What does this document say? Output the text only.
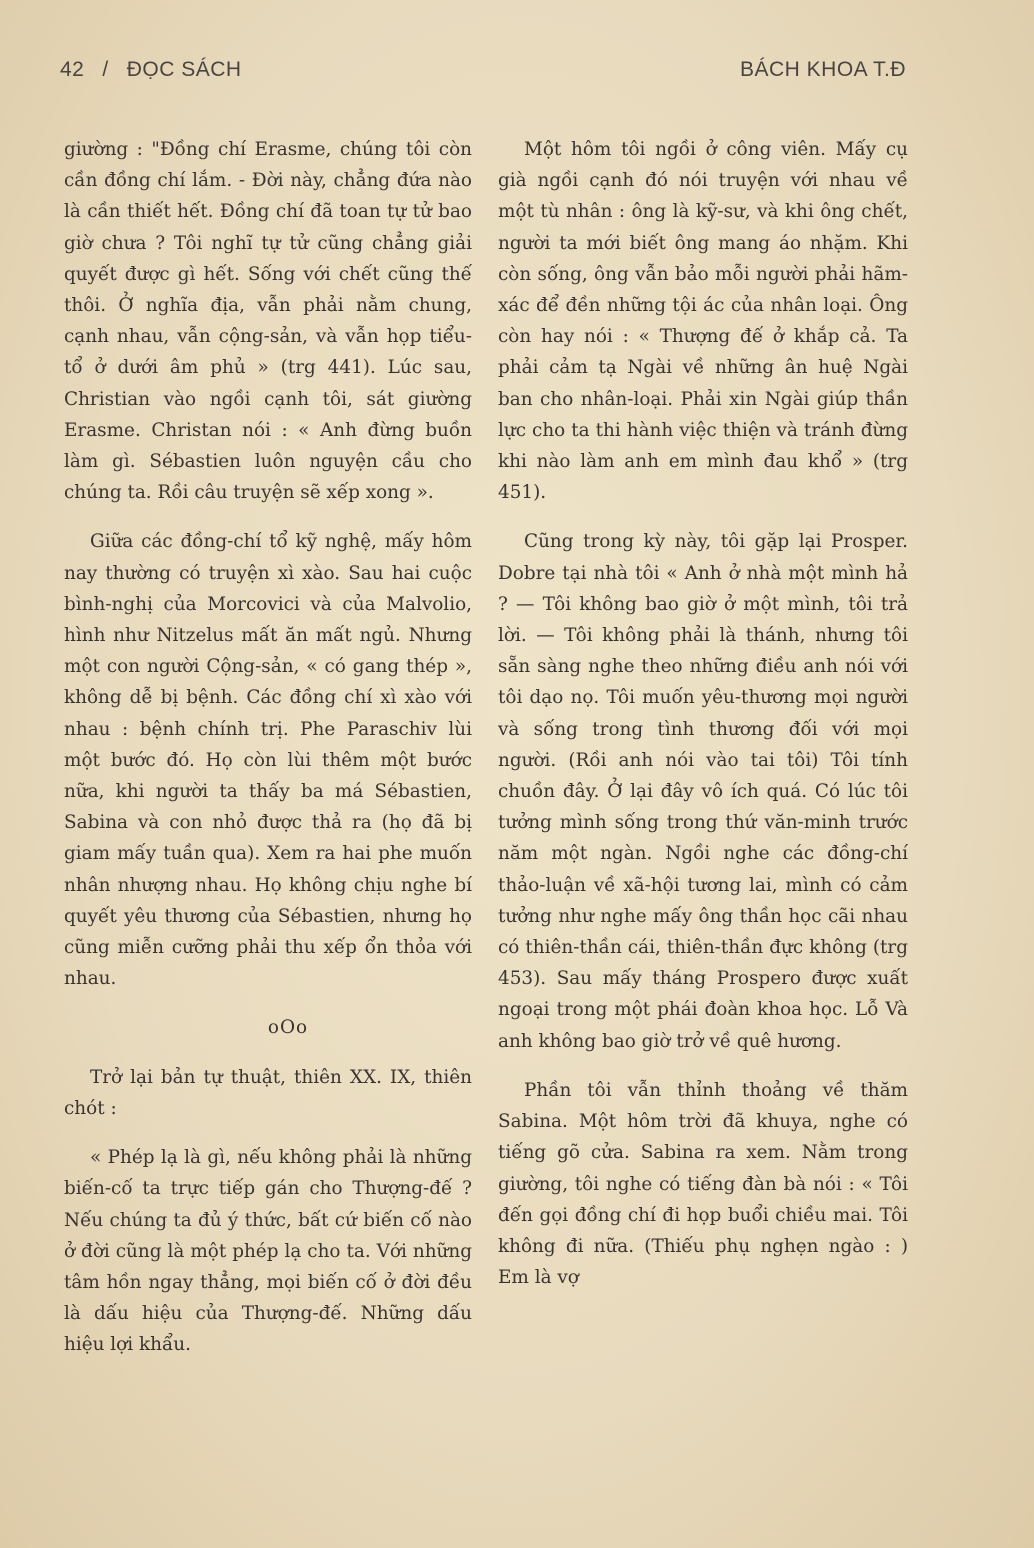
42 / ĐỌC SÁCH	BÁCH KHOA T.Đ

giường : "Đồng chí Erasme, chúng tôi còn cần đồng chí lắm. - Đời này, chẳng đứa nào là cần thiết hết. Đồng chí đã toan tự tử bao giờ chưa ? Tôi nghĩ tự tử cũng chẳng giải quyết được gì hết. Sống với chết cũng thế thôi. Ở nghĩa địa, vẫn phải nằm chung, cạnh nhau, vẫn cộng-sản, và vẫn họp tiểu-tổ ở dưới âm phủ » (trg 441). Lúc sau, Christian vào ngồi cạnh tôi, sát giường Erasme. Christan nói : « Anh đừng buồn làm gì. Sébastien luôn nguyện cầu cho chúng ta. Rồi câu truyện sẽ xếp xong ».

Giữa các đồng-chí tổ kỹ nghệ, mấy hôm nay thường có truyện xì xào. Sau hai cuộc bình-nghị của Morcovici và của Malvolio, hình như Nitzelus mất ăn mất ngủ. Nhưng một con người Cộng-sản, « có gang thép », không dễ bị bệnh. Các đồng chí xì xào với nhau : bệnh chính trị. Phe Paraschiv lùi một bước đó. Họ còn lùi thêm một bước nữa, khi người ta thấy ba má Sébastien, Sabina và con nhỏ được thả ra (họ đã bị giam mấy tuần qua). Xem ra hai phe muốn nhân nhượng nhau. Họ không chịu nghe bí quyết yêu thương của Sébastien, nhưng họ cũng miễn cưỡng phải thu xếp ổn thỏa với nhau.

oOo

Trở lại bản tự thuật, thiên XX. IX, thiên chót :

« Phép lạ là gì, nếu không phải là những biến-cố ta trực tiếp gán cho Thượng-đế ? Nếu chúng ta đủ ý thức, bất cứ biến cố nào ở đời cũng là một phép lạ cho ta. Với những tâm hồn ngay thẳng, mọi biến cố ở đời đều là dấu hiệu của Thượng-đế. Những dấu hiệu lợi khẩu.

Một hôm tôi ngồi ở công viên. Mấy cụ già ngồi cạnh đó nói truyện với nhau về một tù nhân : ông là kỹ-sư, và khi ông chết, người ta mới biết ông mang áo nhặm. Khi còn sống, ông vẫn bảo mỗi người phải hãm-xác để đền những tội ác của nhân loại. Ông còn hay nói : « Thượng đế ở khắp cả. Ta phải cảm tạ Ngài về những ân huệ Ngài ban cho nhân-loại. Phải xin Ngài giúp thần lực cho ta thi hành việc thiện và tránh đừng khi nào làm anh em mình đau khổ » (trg 451).

Cũng trong kỳ này, tôi gặp lại Prosper. Dobre tại nhà tôi « Anh ở nhà một mình hả ? — Tôi không bao giờ ở một mình, tôi trả lời. — Tôi không phải là thánh, nhưng tôi sẵn sàng nghe theo những điều anh nói với tôi dạo nọ. Tôi muốn yêu-thương mọi người và sống trong tình thương đối với mọi người. (Rồi anh nói vào tai tôi) Tôi tính chuồn đây. Ở lại đây vô ích quá. Có lúc tôi tưởng mình sống trong thứ văn-minh trước năm một ngàn. Ngồi nghe các đồng-chí thảo-luận về xã-hội tương lai, mình có cảm tưởng như nghe mấy ông thần học cãi nhau có thiên-thần cái, thiên-thần đực không (trg 453). Sau mấy tháng Prospero được xuất ngoại trong một phái đoàn khoa học. Lỗ Và anh không bao giờ trở về quê hương.

Phần tôi vẫn thỉnh thoảng về thăm Sabina. Một hôm trời đã khuya, nghe có tiếng gõ cửa. Sabina ra xem. Nằm trong giường, tôi nghe có tiếng đàn bà nói : « Tôi đến gọi đồng chí đi họp buổi chiều mai. Tôi không đi nữa. (Thiếu phụ nghẹn ngào : ) Em là vợ
